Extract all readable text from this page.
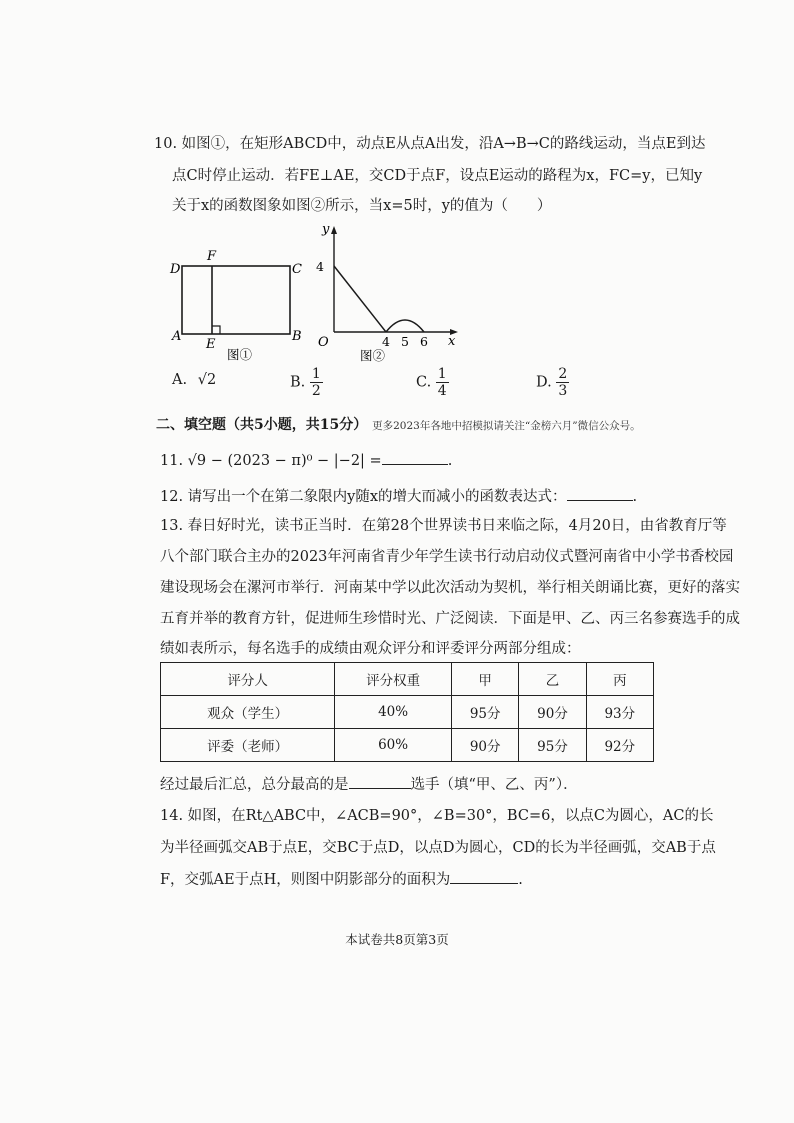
10. 如图①，在矩形ABCD中，动点E从点A出发，沿A→B→C的路线运动，当点E到达
点C时停止运动．若FE⊥AE，交CD于点F，设点E运动的路程为x，FC=y，已知y
关于x的函数图象如图②所示，当x=5时，y的值为（　　）
D
F
C
A
E
B
图①
y
x
O
4
4 5 6
图②
A. √2	B. $\frac{1}{2}$	C. $\frac{1}{4}$	D. $\frac{2}{3}$
二、填空题（共5小题，共15分） 更多2023年各地中招模拟请关注“金榜六月”微信公众号。
11. √9 − (2023 − π)⁰ − |−2| =	.
12. 请写出一个在第二象限内y随x的增大而减小的函数表达式：	.
13. 春日好时光，读书正当时．在第28个世界读书日来临之际，4月20日，由省教育厅等
八个部门联合主办的2023年河南省青少年学生读书行动启动仪式暨河南省中小学书香校园
建设现场会在漯河市举行．河南某中学以此次活动为契机，举行相关朗诵比赛，更好的落实
五育并举的教育方针，促进师生珍惜时光、广泛阅读．下面是甲、乙、丙三名参赛选手的成
绩如表所示，每名选手的成绩由观众评分和评委评分两部分组成：
评分人	评分权重	甲	乙	丙
观众（学生）	40%	95分	90分	93分
评委（老师）	60%	90分	95分	92分
经过最后汇总，总分最高的是	选手（填“甲、乙、丙”）．
14. 如图，在Rt△ABC中，∠ACB=90°，∠B=30°，BC=6，以点C为圆心，AC的长
为半径画弧交AB于点E，交BC于点D，以点D为圆心，CD的长为半径画弧，交AB于点
F，交弧AE于点H，则图中阴影部分的面积为	.
本试卷共8页第3页
